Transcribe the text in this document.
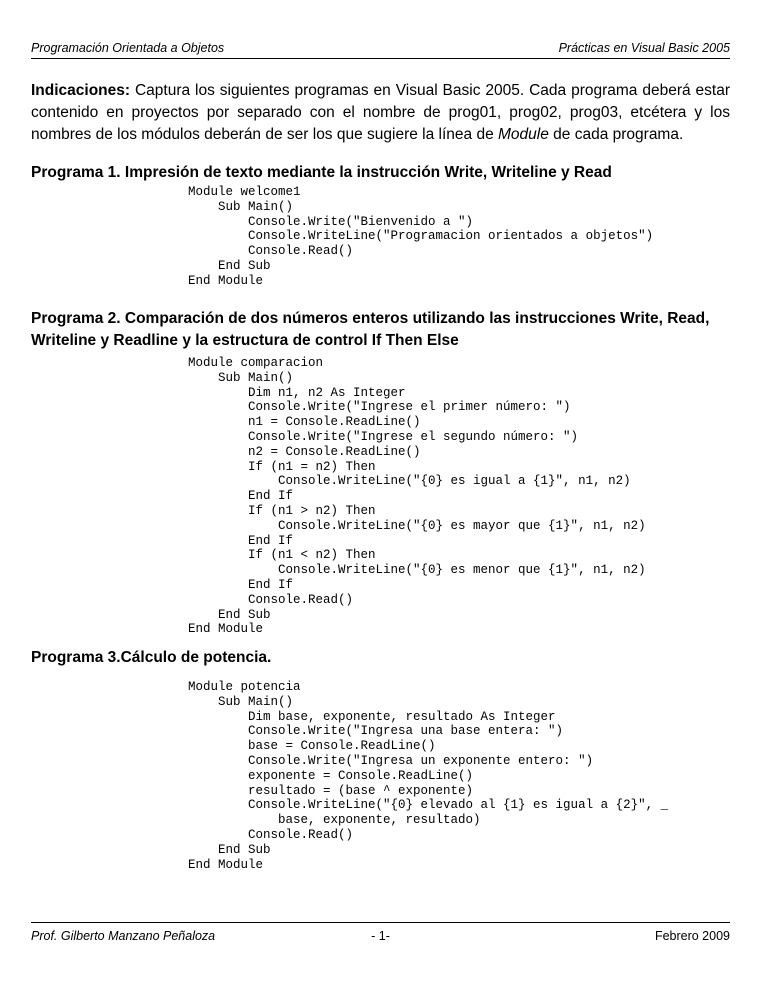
Programación Orientada a Objetos	Prácticas en Visual Basic 2005
Indicaciones: Captura los siguientes programas en Visual Basic 2005. Cada programa deberá estar contenido en proyectos por separado con el nombre de prog01, prog02, prog03, etcétera y los nombres de los módulos deberán de ser los que sugiere la línea de Module de cada programa.
Programa 1. Impresión de texto mediante la instrucción Write, Writeline y Read
Module welcome1
Sub Main()
Console.Write("Bienvenido a ")
Console.WriteLine("Programacion orientados a objetos")
Console.Read()
End Sub
End Module
Programa 2. Comparación de dos números enteros utilizando las instrucciones Write, Read, Writeline y Readline y la estructura de control If Then Else
Module comparacion
Sub Main()
Dim n1, n2 As Integer
Console.Write("Ingrese el primer número: ")
n1 = Console.ReadLine()
Console.Write("Ingrese el segundo número: ")
n2 = Console.ReadLine()
If (n1 = n2) Then
Console.WriteLine("{0} es igual a {1}", n1, n2)
End If
If (n1 > n2) Then
Console.WriteLine("{0} es mayor que {1}", n1, n2)
End If
If (n1 < n2) Then
Console.WriteLine("{0} es menor que {1}", n1, n2)
End If
Console.Read()
End Sub
End Module
Programa 3.Cálculo de potencia.
Module potencia
Sub Main()
Dim base, exponente, resultado As Integer
Console.Write("Ingresa una base entera: ")
base = Console.ReadLine()
Console.Write("Ingresa un exponente entero: ")
exponente = Console.ReadLine()
resultado = (base ^ exponente)
Console.WriteLine("{0} elevado al {1} es igual a {2}", _
base, exponente, resultado)
Console.Read()
End Sub
End Module
Prof. Gilberto Manzano Peñaloza	- 1-	Febrero 2009
